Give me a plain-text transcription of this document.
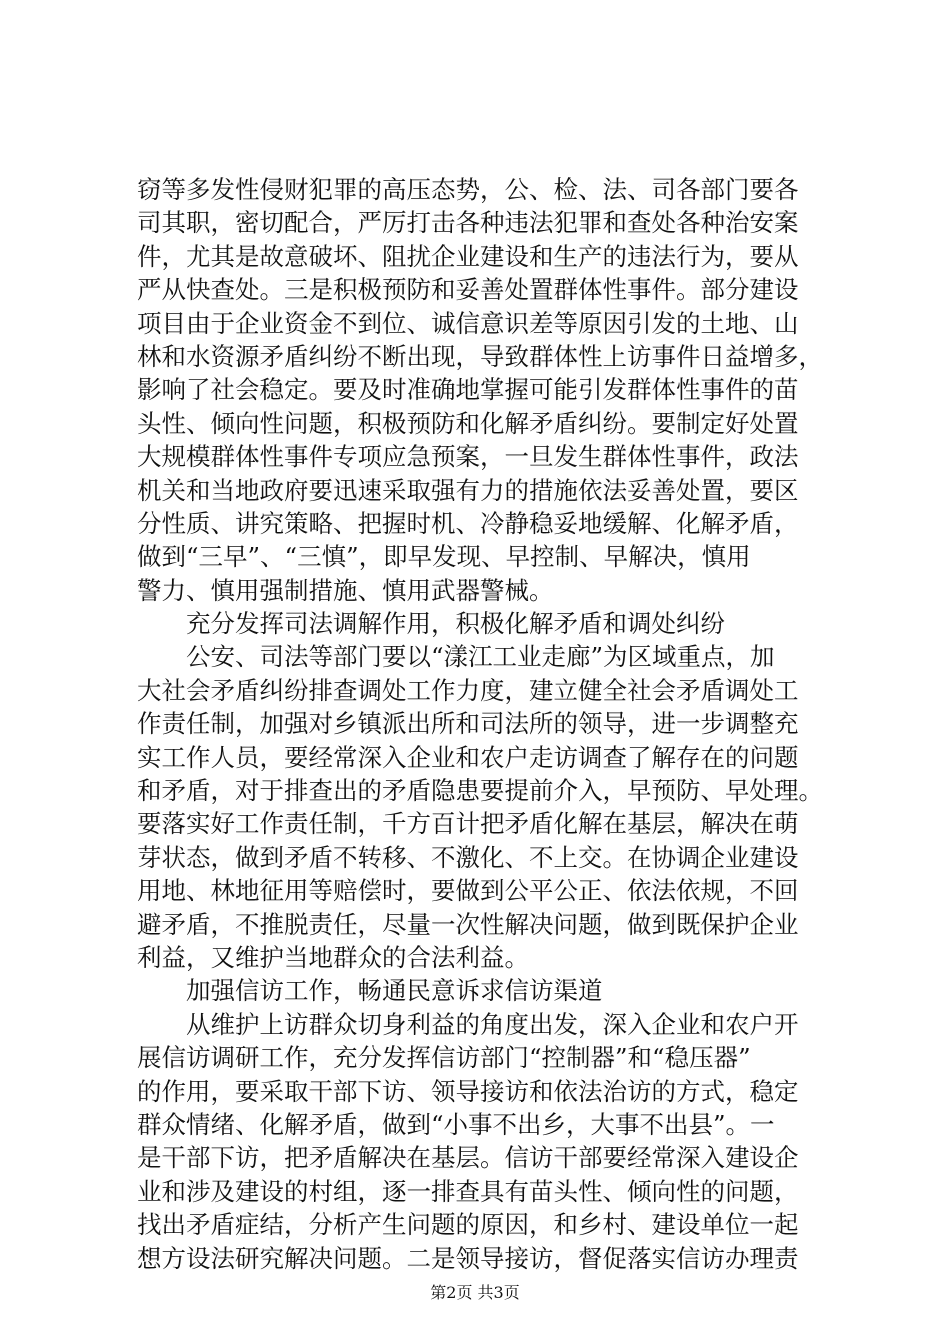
窃等多发性侵财犯罪的高压态势，公、检、法、司各部门要各
司其职，密切配合，严厉打击各种违法犯罪和查处各种治安案
件，尤其是故意破坏、阻扰企业建设和生产的违法行为，要从
严从快查处。三是积极预防和妥善处置群体性事件。部分建设
项目由于企业资金不到位、诚信意识差等原因引发的土地、山
林和水资源矛盾纠纷不断出现，导致群体性上访事件日益增多，
影响了社会稳定。要及时准确地掌握可能引发群体性事件的苗
头性、倾向性问题，积极预防和化解矛盾纠纷。要制定好处置
大规模群体性事件专项应急预案，一旦发生群体性事件，政法
机关和当地政府要迅速采取强有力的措施依法妥善处置，要区
分性质、讲究策略、把握时机、冷静稳妥地缓解、化解矛盾，
做到“三早”、“三慎”，即早发现、早控制、早解决，慎用
警力、慎用强制措施、慎用武器警械。
充分发挥司法调解作用，积极化解矛盾和调处纠纷
公安、司法等部门要以“漾江工业走廊”为区域重点，加
大社会矛盾纠纷排查调处工作力度，建立健全社会矛盾调处工
作责任制，加强对乡镇派出所和司法所的领导，进一步调整充
实工作人员，要经常深入企业和农户走访调查了解存在的问题
和矛盾，对于排查出的矛盾隐患要提前介入，早预防、早处理。
要落实好工作责任制，千方百计把矛盾化解在基层，解决在萌
芽状态，做到矛盾不转移、不激化、不上交。在协调企业建设
用地、林地征用等赔偿时，要做到公平公正、依法依规，不回
避矛盾，不推脱责任，尽量一次性解决问题，做到既保护企业
利益，又维护当地群众的合法利益。
加强信访工作，畅通民意诉求信访渠道
从维护上访群众切身利益的角度出发，深入企业和农户开
展信访调研工作，充分发挥信访部门“控制器”和“稳压器”
的作用，要采取干部下访、领导接访和依法治访的方式，稳定
群众情绪、化解矛盾，做到“小事不出乡，大事不出县”。一
是干部下访，把矛盾解决在基层。信访干部要经常深入建设企
业和涉及建设的村组，逐一排查具有苗头性、倾向性的问题，
找出矛盾症结，分析产生问题的原因，和乡村、建设单位一起
想方设法研究解决问题。二是领导接访，督促落实信访办理责
第2页 共3页
